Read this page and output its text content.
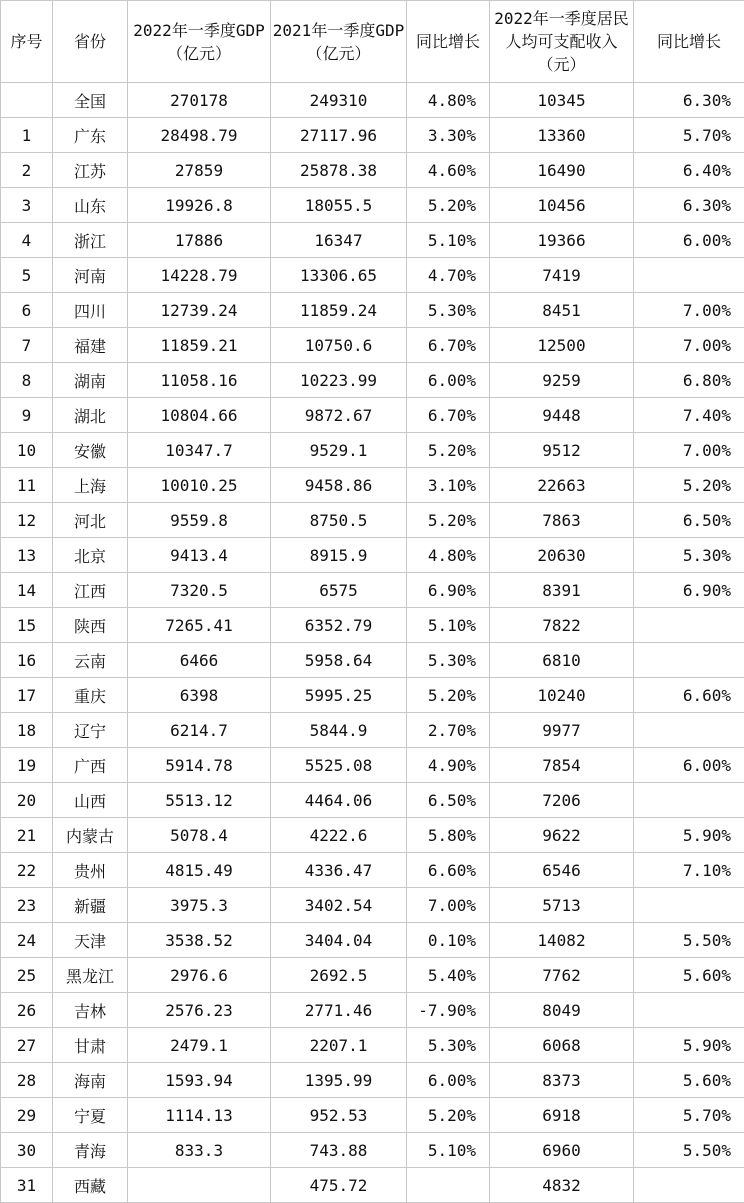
序号	省份	2022年一季度GDP（亿元）	2021年一季度GDP（亿元）	同比增长	2022年一季度居民人均可支配收入（元）	同比增长
	全国	270178	249310	4.80%	10345	6.30%
1	广东	28498.79	27117.96	3.30%	13360	5.70%
2	江苏	27859	25878.38	4.60%	16490	6.40%
3	山东	19926.8	18055.5	5.20%	10456	6.30%
4	浙江	17886	16347	5.10%	19366	6.00%
5	河南	14228.79	13306.65	4.70%	7419	
6	四川	12739.24	11859.24	5.30%	8451	7.00%
7	福建	11859.21	10750.6	6.70%	12500	7.00%
8	湖南	11058.16	10223.99	6.00%	9259	6.80%
9	湖北	10804.66	9872.67	6.70%	9448	7.40%
10	安徽	10347.7	9529.1	5.20%	9512	7.00%
11	上海	10010.25	9458.86	3.10%	22663	5.20%
12	河北	9559.8	8750.5	5.20%	7863	6.50%
13	北京	9413.4	8915.9	4.80%	20630	5.30%
14	江西	7320.5	6575	6.90%	8391	6.90%
15	陕西	7265.41	6352.79	5.10%	7822	
16	云南	6466	5958.64	5.30%	6810	
17	重庆	6398	5995.25	5.20%	10240	6.60%
18	辽宁	6214.7	5844.9	2.70%	9977	
19	广西	5914.78	5525.08	4.90%	7854	6.00%
20	山西	5513.12	4464.06	6.50%	7206	
21	内蒙古	5078.4	4222.6	5.80%	9622	5.90%
22	贵州	4815.49	4336.47	6.60%	6546	7.10%
23	新疆	3975.3	3402.54	7.00%	5713	
24	天津	3538.52	3404.04	0.10%	14082	5.50%
25	黑龙江	2976.6	2692.5	5.40%	7762	5.60%
26	吉林	2576.23	2771.46	-7.90%	8049	
27	甘肃	2479.1	2207.1	5.30%	6068	5.90%
28	海南	1593.94	1395.99	6.00%	8373	5.60%
29	宁夏	1114.13	952.53	5.20%	6918	5.70%
30	青海	833.3	743.88	5.10%	6960	5.50%
31	西藏		475.72		4832	
